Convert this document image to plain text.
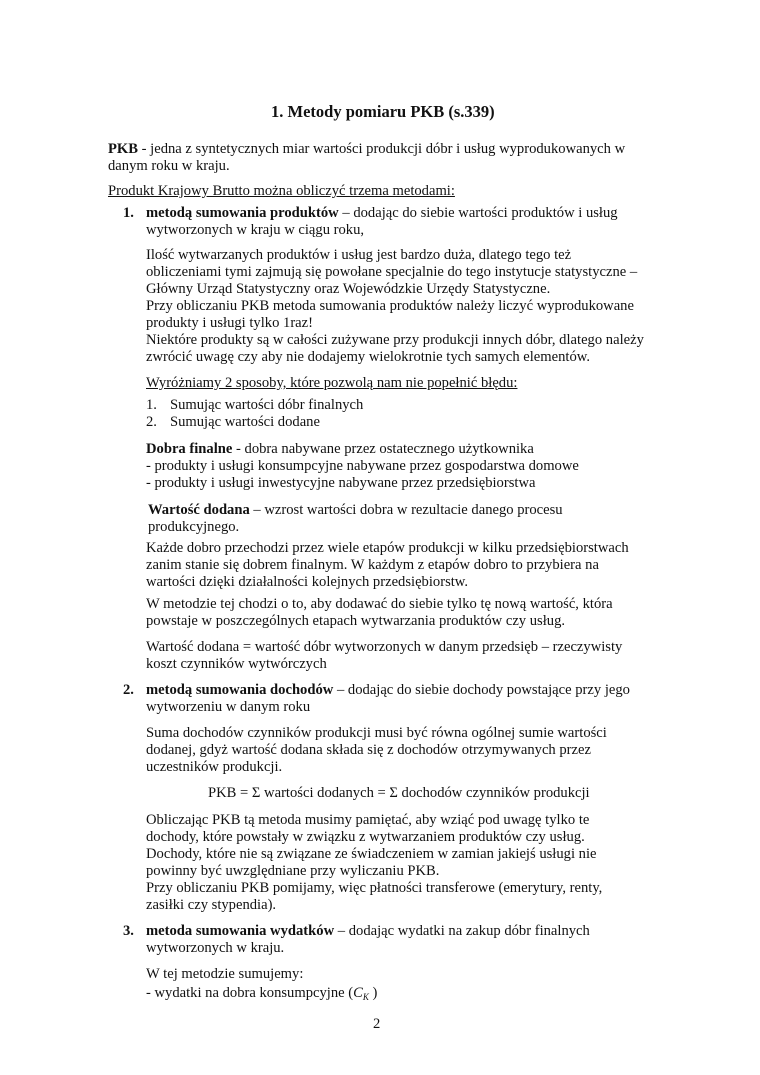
1. Metody pomiaru PKB (s.339)
PKB - jedna z syntetycznych miar wartości produkcji dóbr i usług wyprodukowanych w
danym roku w kraju.
Produkt Krajowy Brutto można obliczyć trzema metodami:
1. metodą sumowania produktów – dodając do siebie wartości produktów i usług
wytworzonych w kraju w ciągu roku,
Ilość wytwarzanych produktów i usług jest bardzo duża, dlatego tego też
obliczeniami tymi zajmują się powołane specjalnie do tego instytucje statystyczne –
Główny Urząd Statystyczny oraz Wojewódzkie Urzędy Statystyczne.
Przy obliczaniu PKB metoda sumowania produktów należy liczyć wyprodukowane
produkty i usługi tylko 1raz!
Niektóre produkty są w całości zużywane przy produkcji innych dóbr, dlatego należy
zwrócić uwagę czy aby nie dodajemy wielokrotnie tych samych elementów.
Wyróżniamy 2 sposoby, które pozwolą nam nie popełnić błędu:
1. Sumując wartości dóbr finalnych
2. Sumując wartości dodane
Dobra finalne - dobra nabywane przez ostatecznego użytkownika
- produkty i usługi konsumpcyjne nabywane przez gospodarstwa domowe
- produkty i usługi inwestycyjne nabywane przez przedsiębiorstwa
Wartość dodana – wzrost wartości dobra w rezultacie danego procesu
produkcyjnego.
Każde dobro przechodzi przez wiele etapów produkcji w kilku przedsiębiorstwach
zanim stanie się dobrem finalnym. W każdym z etapów dobro to przybiera na
wartości dzięki działalności kolejnych przedsiębiorstw.
W metodzie tej chodzi o to, aby dodawać do siebie tylko tę nową wartość, która
powstaje w poszczególnych etapach wytwarzania produktów czy usług.
Wartość dodana = wartość dóbr wytworzonych w danym przedsięb – rzeczywisty
koszt czynników wytwórczych
2. metodą sumowania dochodów – dodając do siebie dochody powstające przy jego
wytworzeniu w danym roku
Suma dochodów czynników produkcji musi być równa ogólnej sumie wartości
dodanej, gdyż wartość dodana składa się z dochodów otrzymywanych przez
uczestników produkcji.
PKB = Σ wartości dodanych = Σ dochodów czynników produkcji
Obliczając PKB tą metoda musimy pamiętać, aby wziąć pod uwagę tylko te
dochody, które powstały w związku z wytwarzaniem produktów czy usług.
Dochody, które nie są związane ze świadczeniem w zamian jakiejś usługi nie
powinny być uwzględniane przy wyliczaniu PKB.
Przy obliczaniu PKB pomijamy, więc płatności transferowe (emerytury, renty,
zasiłki czy stypendia).
3. metoda sumowania wydatków – dodając wydatki na zakup dóbr finalnych
wytworzonych w kraju.
W tej metodzie sumujemy:
- wydatki na dobra konsumpcyjne ($C_K$ )
2
